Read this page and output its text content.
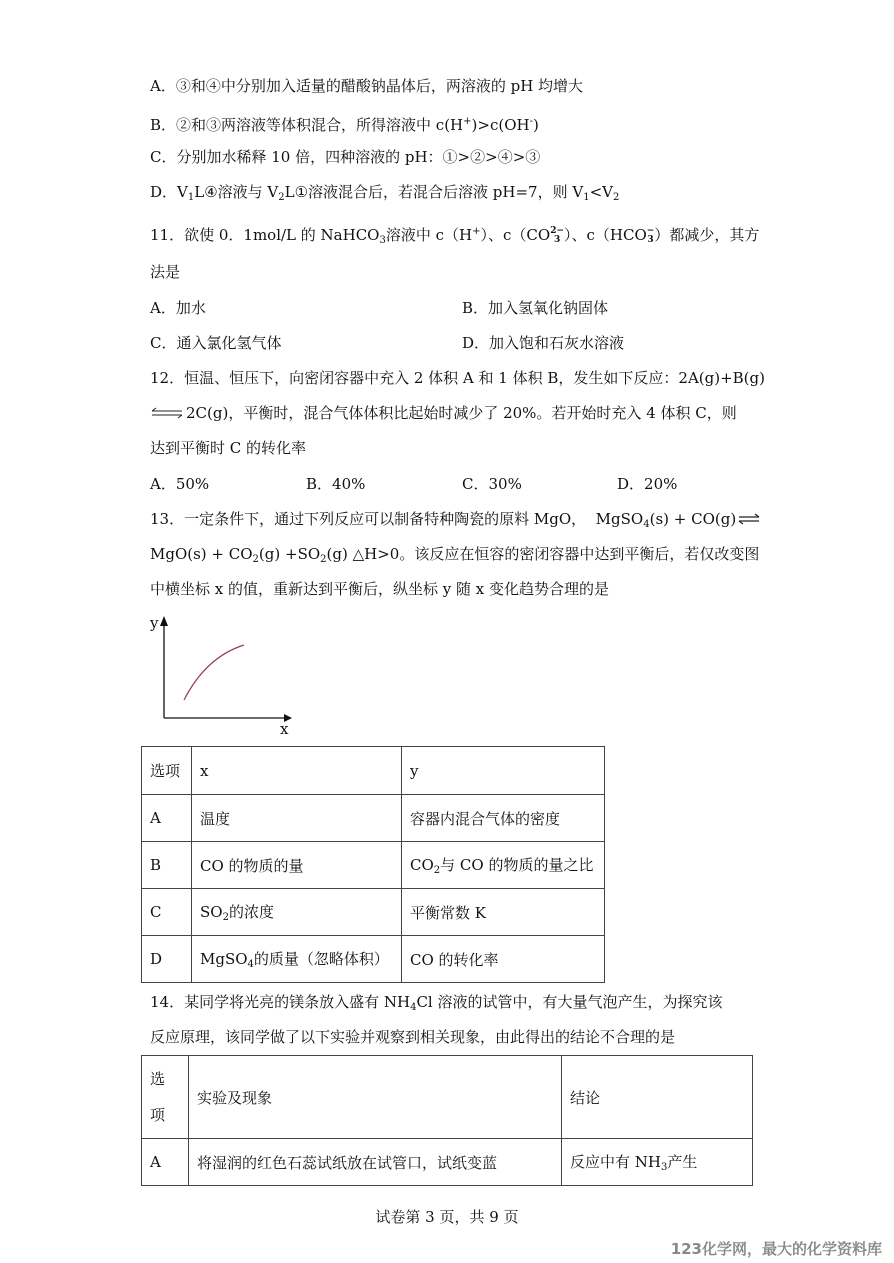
A．③和④中分别加入适量的醋酸钠晶体后，两溶液的 pH 均增大
B．②和③两溶液等体积混合，所得溶液中 c(H+)>c(OH-)
C．分别加水稀释 10 倍，四种溶液的 pH：①>②>④>③
D．$V_1L④$溶液与 $V_2L①$溶液混合后，若混合后溶液 pH=7，则 $V_1<V_2$
11．欲使 0．1mol/L 的 NaHCO$_3$溶液中 c（H+）、c（CO2−
3 ）、c（HCO−
3）都减少，其方
法是
A．加水	B．加入氢氧化钠固体
C．通入氯化氢气体	D．加入饱和石灰水溶液
12．恒温、恒压下，向密闭容器中充入 2 体积 A 和 1 体积 B，发生如下反应：2A(g)+B(g)
⇌ 2C(g)，平衡时，混合气体体积比起始时减少了 20%。若开始时充入 4 体积 C，则
达到平衡时 C 的转化率
A．50%	B．40%	C．30%	D．20%
13．一定条件下，通过下列反应可以制备特种陶瓷的原料 MgO， MgSO$_4$(s) + CO(g) ⇌
$MgO(s) + CO_2(g) +SO_2(g)$ △H>0。该反应在恒容的密闭容器中达到平衡后，若仅改变图
中横坐标 x 的值，重新达到平衡后，纵坐标 y 随 x 变化趋势合理的是
y
x
选项	x	y
A	温度	容器内混合气体的密度
B	CO 的物质的量	$CO_2$与 CO 的物质的量之比
C	$SO_2$的浓度	平衡常数 K
D	MgSO$_4$的质量（忽略体积）	CO 的转化率
14．某同学将光亮的镁条放入盛有 $NH_4Cl$ 溶液的试管中，有大量气泡产生，为探究该
反应原理，该同学做了以下实验并观察到相关现象，由此得出的结论不合理的是
选
项	实验及现象	结论
A	将湿润的红色石蕊试纸放在试管口，试纸变蓝	反应中有 $NH_3$产生
试卷第 3 页，共 9 页
123化学网，最大的化学资料库
